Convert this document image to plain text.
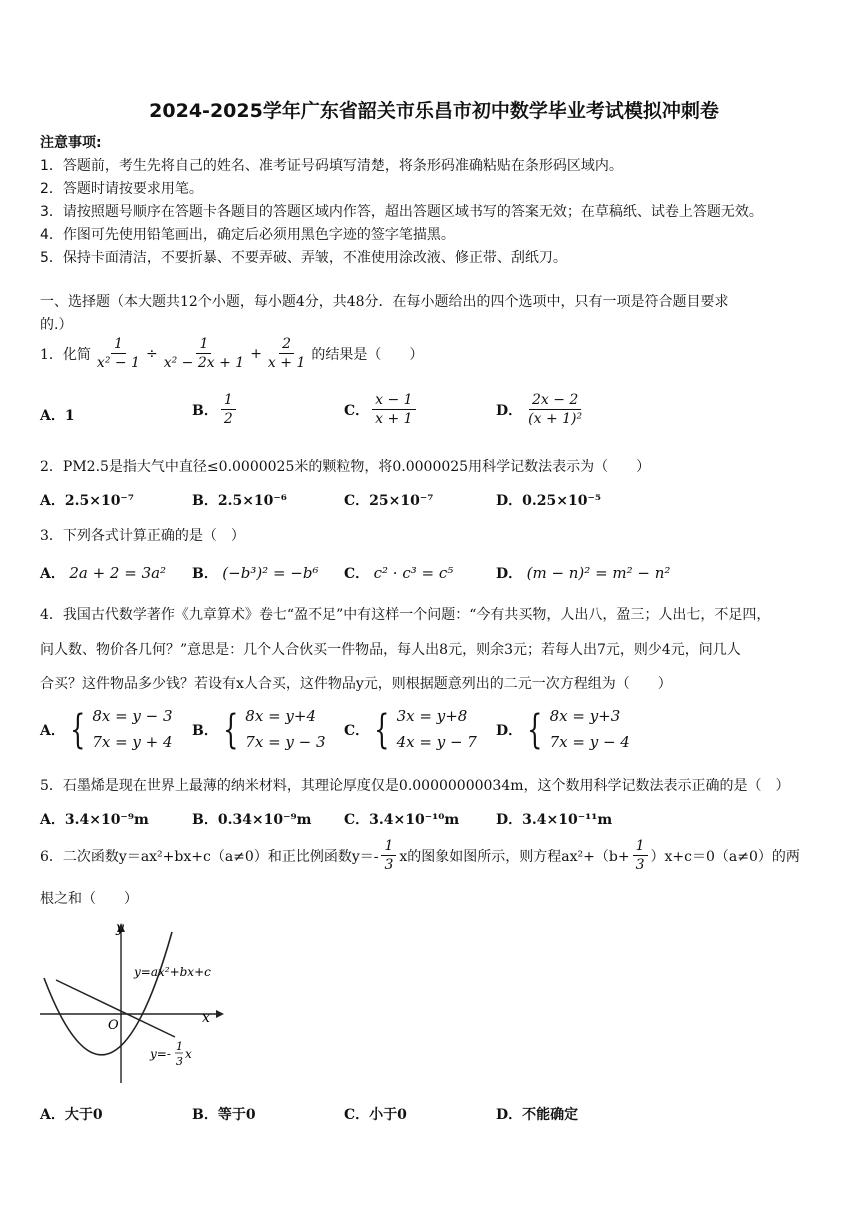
2024-2025学年广东省韶关市乐昌市初中数学毕业考试模拟冲刺卷
注意事项:
1．答题前，考生先将自己的姓名、准考证号码填写清楚，将条形码准确粘贴在条形码区域内。
2．答题时请按要求用笔。
3．请按照题号顺序在答题卡各题目的答题区域内作答，超出答题区域书写的答案无效；在草稿纸、试卷上答题无效。
4．作图可先使用铅笔画出，确定后必须用黑色字迹的签字笔描黑。
5．保持卡面清洁，不要折暴、不要弄破、弄皱，不准使用涂改液、修正带、刮纸刀。
一、选择题（本大题共12个小题，每小题4分，共48分．在每小题给出的四个选项中，只有一项是符合题目要求
的.）
1．化简 $\frac{1}{\text{x² − 1}} \div \frac{1}{\text{x² − 2x + 1}} + \frac{2}{x + 1}$ 的结果是（　　）
A．1	B． $\frac{1}{2}$	C． $\frac{x - 1}{x + 1}$	D． $\frac{2x - 2}{\text{(x + 1)²}}$
2．PM2.5是指大气中直径≤0.0000025米的颗粒物，将0.0000025用科学记数法表示为（　　）
A．2.5×10⁻⁷	B．2.5×10⁻⁶	C．25×10⁻⁷	D．0.25×10⁻⁵
3．下列各式计算正确的是（　）
A． 2a + 2 = 3a² B． (−b³)² = −b⁶ C． c² · c³ = c⁵	D． (m − n)² = m² − n²
4．我国古代数学著作《九章算术》卷七“盈不足”中有这样一个问题：“今有共买物，人出八，盈三；人出七，不足四，
问人数、物价各几何？”意思是：几个人合伙买一件物品，每人出8元，则余3元；若每人出7元，则少4元，问几人
合买？这件物品多少钱？若设有x人合买，这件物品y元，则根据题意列出的二元一次方程组为（　　）
A． { 8x = y − 3
7x = y + 4
B． { 8x = y+4
7x = y − 3
C． { 3x = y+8
4x = y − 7
D． { 8x = y+3
7x = y − 4
5．石墨烯是现在世界上最薄的纳米材料，其理论厚度仅是0.00000000034m，这个数用科学记数法表示正确的是（　）
A．3.4×10⁻⁹m	B．0.34×10⁻⁹m C．3.4×10⁻¹⁰m	D．3.4×10⁻¹¹m
6．二次函数y＝ax²+bx+c（a≠0）和正比例函数$y=- \frac{1}{3}$ x的图象如图所示，则方程$ax^2+(b+ \frac{1}{3} )x+c=0(a\ne 0)$的两
根之和（　　）
y
x
O
y=ax²+bx+c
y=-
1
3
x
A．大于0	B．等于0	C．小于0	D．不能确定
